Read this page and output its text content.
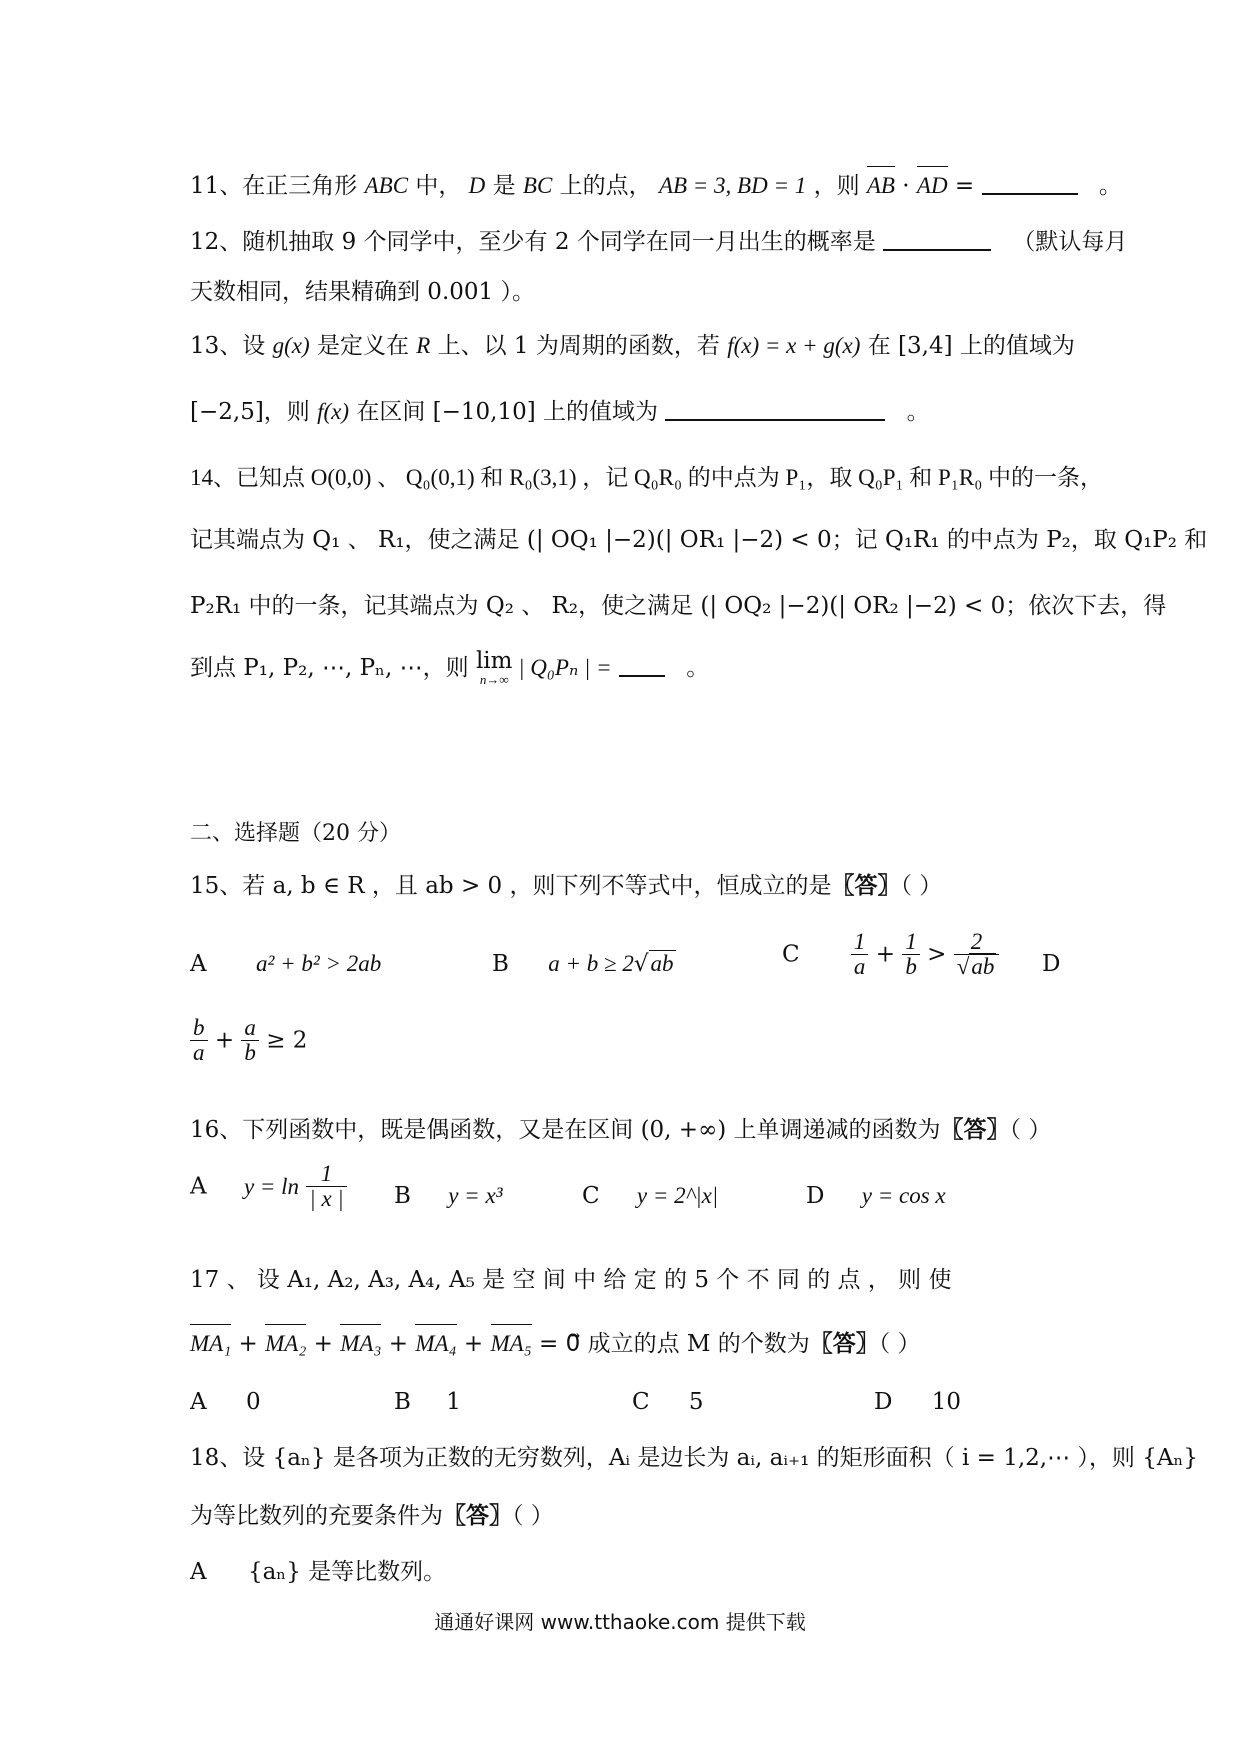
11、在正三角形 ABC 中， D 是 BC 上的点， AB = 3, BD = 1 ，则 AB · AD =	。
12、随机抽取 9 个同学中，至少有 2 个同学在同一月出生的概率是	（默认每月
天数相同，结果精确到 0.001 ）。
13、设 g(x) 是定义在 R 上、以 1 为周期的函数，若 f(x) = x + g(x) 在 [3,4] 上的值域为
[−2,5]，则 f(x) 在区间 [−10,10] 上的值域为	。
14、已知点 O(0,0) 、 Q₀(0,1) 和 R₀(3,1) ，记 Q₀R₀ 的中点为 P₁，取 Q₀P₁ 和 P₁R₀ 中的一条，
记其端点为 Q₁ 、 R₁，使之满足 (| OQ₁ |−2)(| OR₁ |−2) < 0；记 Q₁R₁ 的中点为 P₂，取 Q₁P₂ 和
P₂R₁ 中的一条，记其端点为 Q₂ 、 R₂，使之满足 (| OQ₂ |−2)(| OR₂ |−2) < 0；依次下去，得
到点 P₁, P₂, ⋯, Pₙ, ⋯，则 lim
n→∞ | Q₀Pₙ | =	。
二、选择题（20 分）
15、若 a, b ∈ R ，且 ab > 0 ，则下列不等式中，恒成立的是〖答〗（ ）
A a² + b² > 2ab	B a + b ≥ 2√ab	C $\frac{1}{a} + \frac{1}{b} > \frac{2}{√ab}$ D
$\frac{b}{a} + \frac{a}{b} \ge 2$
16、下列函数中，既是偶函数，又是在区间 (0, +∞) 上单调递减的函数为〖答〗（ ）
A $y = \ln \frac{1}{| x |}$ B y = x³	C y = 2^|x|	D y = cos x
17 、 设 A₁, A₂, A₃, A₄, A₅ 是 空 间 中 给 定 的 5 个 不 同 的 点 ， 则 使
MA₁ + MA₂ + MA₃ + MA₄ + MA₅ = 0⃗ 成立的点 M 的个数为〖答〗（ ）
A 0	B 1	C 5	D 10
18、设 {aₙ} 是各项为正数的无穷数列，Aᵢ 是边长为 aᵢ, aᵢ₊₁ 的矩形面积（ i = 1,2,⋯ ），则 {Aₙ}
为等比数列的充要条件为〖答〗（ ）
A {aₙ} 是等比数列。
通通好课网 www.tthaoke.com 提供下载
